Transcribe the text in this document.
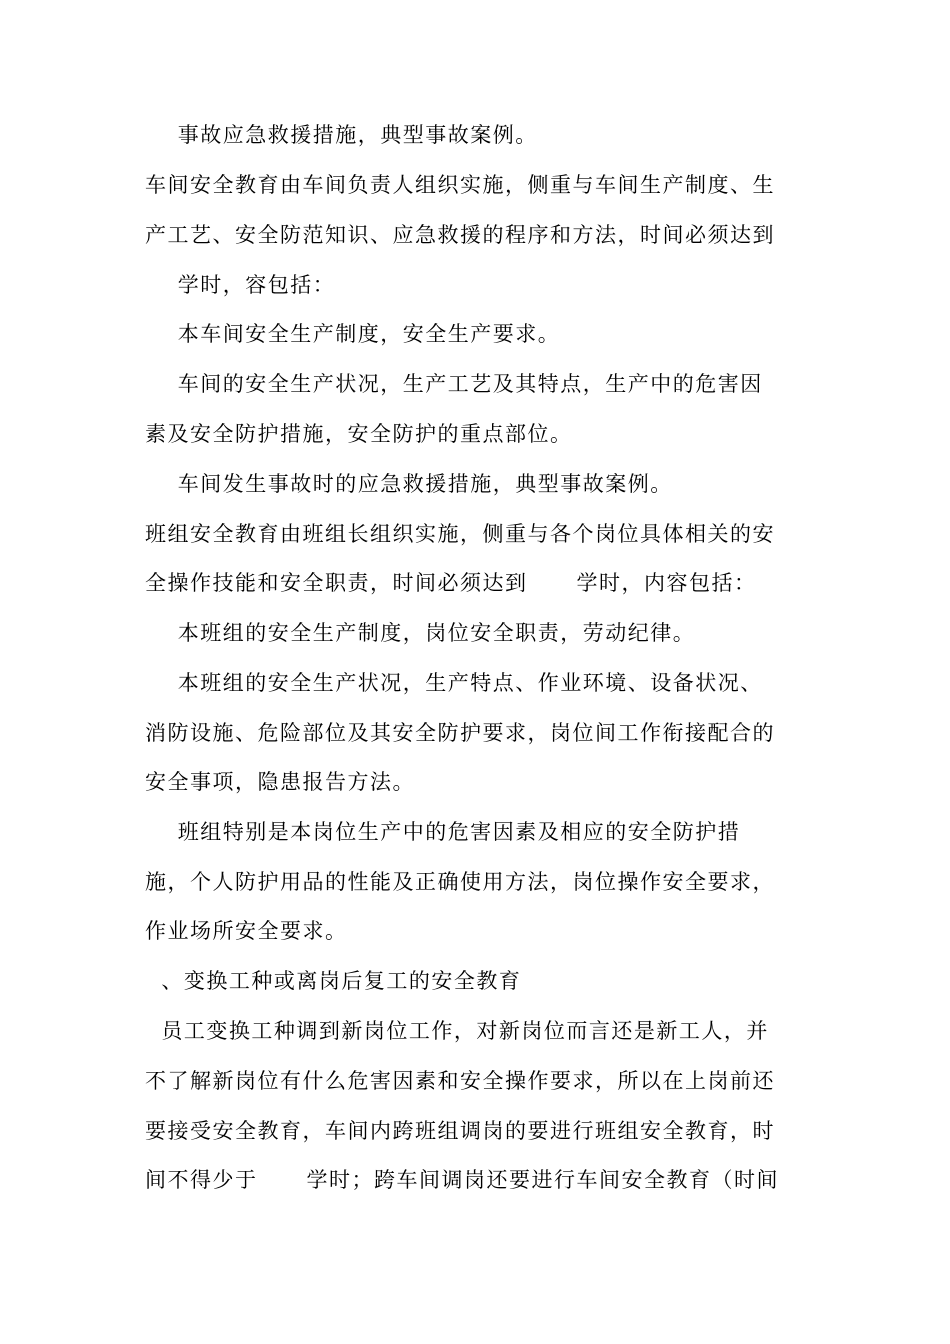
事故应急救援措施，典型事故案例。
车间安全教育由车间负责人组织实施，侧重与车间生产制度、生
产工艺、安全防范知识、应急救援的程序和方法，时间必须达到
学时，容包括：
本车间安全生产制度，安全生产要求。
车间的安全生产状况，生产工艺及其特点，生产中的危害因
素及安全防护措施，安全防护的重点部位。
车间发生事故时的应急救援措施，典型事故案例。
班组安全教育由班组长组织实施，侧重与各个岗位具体相关的安
全操作技能和安全职责，时间必须达到      学时，内容包括：
本班组的安全生产制度，岗位安全职责，劳动纪律。
本班组的安全生产状况，生产特点、作业环境、设备状况、
消防设施、危险部位及其安全防护要求，岗位间工作衔接配合的
安全事项，隐患报告方法。
班组特别是本岗位生产中的危害因素及相应的安全防护措
施，个人防护用品的性能及正确使用方法，岗位操作安全要求，
作业场所安全要求。
、变换工种或离岗后复工的安全教育
员工变换工种调到新岗位工作，对新岗位而言还是新工人，并
不了解新岗位有什么危害因素和安全操作要求，所以在上岗前还
要接受安全教育，车间内跨班组调岗的要进行班组安全教育，时
间不得少于      学时；跨车间调岗还要进行车间安全教育（时间
